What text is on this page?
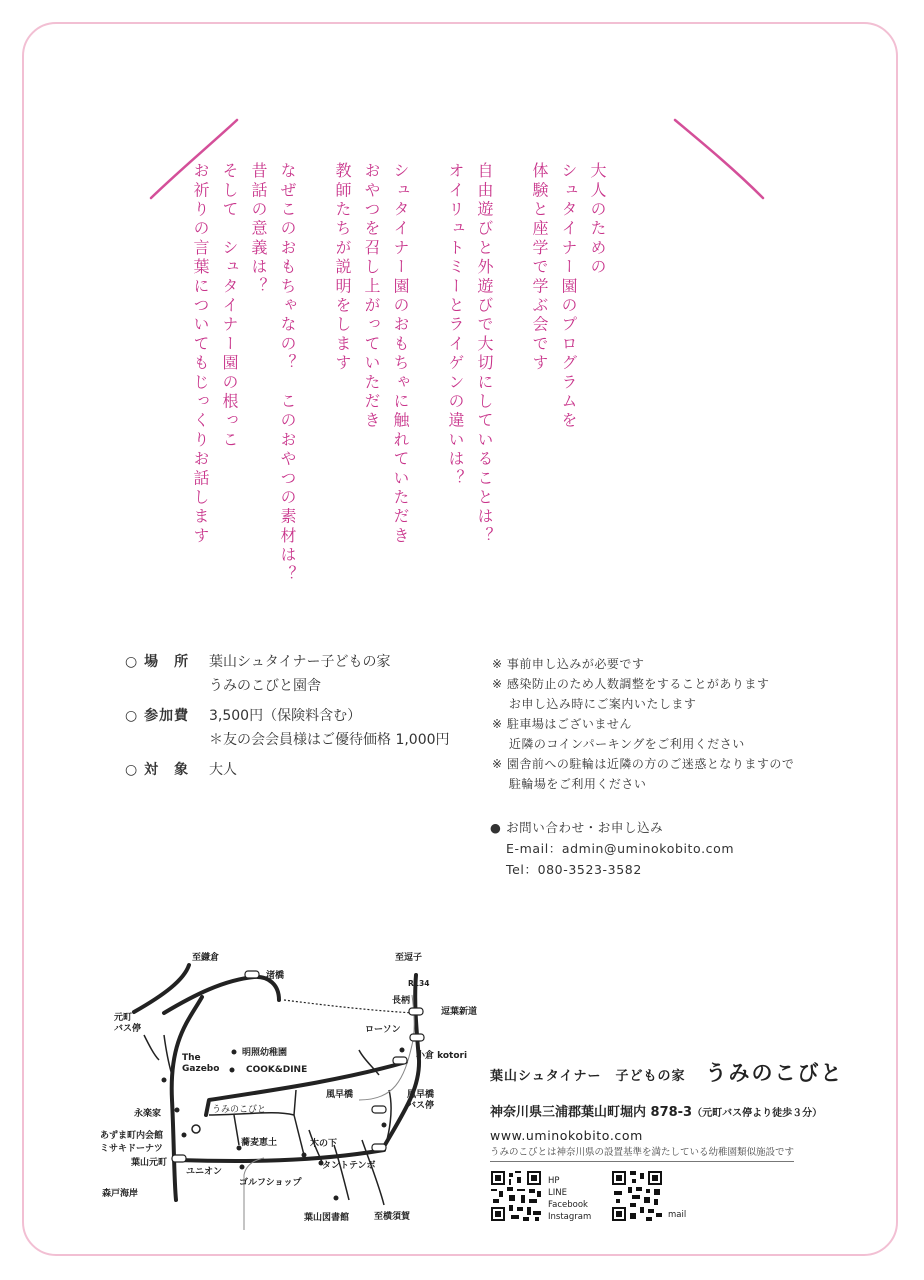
大人のための
シュタイナー園のプログラムを
体験と座学で学ぶ会です
自由遊びと外遊びで大切にしていることは？
オイリュトミーとライゲンの違いは？
シュタイナー園のおもちゃに触れていただき
おやつを召し上がっていただき
教師たちが説明をします
なぜこのおもちゃなの？　このおやつの素材は？
昔話の意義は？
そして　シュタイナー園の根っこ
お祈りの言葉についてもじっくりお話します
○ 場　所	葉山シュタイナー子どもの家
うみのこびと園舎
○ 参加費	3,500円（保険料含む）
＊友の会会員様はご優待価格 1,000円
○ 対　象	大人
※ 事前申し込みが必要です
※ 感染防止のため人数調整をすることがあります
　 お申し込み時にご案内いたします
※ 駐車場はございません
　 近隣のコインパーキングをご利用ください
※ 園舎前への駐輪は近隣の方のご迷惑となりますので
　 駐輪場をご利用ください
● お問い合わせ・お申し込み
E-mail：admin@uminokobito.com
Tel：080-3523-3582
至鎌倉
渚橋
至逗子
R134
長柄
逗葉新道
ローソン
小倉 kotori
元町バス停
The Gazebo
明照幼稚園
COOK&DINE
風早橋	風早橋バス停
永楽家
あずま町内会館
ミサキドーナツ
葉山元町
うみのこびと
蕎麦恵土	木の下
ユニオン
タントテンボ
ゴルフショップ
森戸海岸
葉山図書館	至横須賀
葉山シュタイナー　子どもの家 うみのこびと
神奈川県三浦郡葉山町堀内 878-3（元町バス停より徒歩３分）
www.uminokobito.com
うみのこびとは神奈川県の設置基準を満たしている幼稚園類似施設です
HP
LINE
Facebook
Instagram	mail
